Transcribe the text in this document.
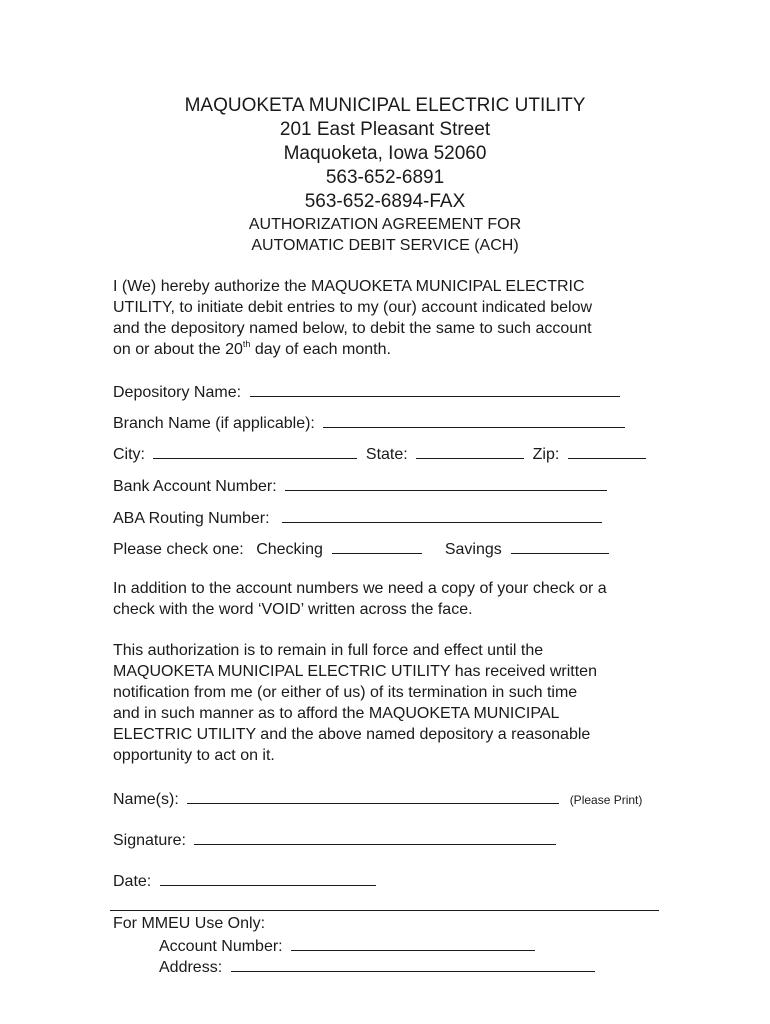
MAQUOKETA MUNICIPAL ELECTRIC UTILITY
201 East Pleasant Street
Maquoketa, Iowa 52060
563-652-6891
563-652-6894-FAX
AUTHORIZATION AGREEMENT FOR
AUTOMATIC DEBIT SERVICE (ACH)
I (We) hereby authorize the MAQUOKETA MUNICIPAL ELECTRIC
UTILITY, to initiate debit entries to my (our) account indicated below
and the depository named below, to debit the same to such account
on or about the 20th day of each month.
Depository Name:
Branch Name (if applicable):
City:	State:	Zip:
Bank Account Number:
ABA Routing Number:
Please check one: Checking	Savings
In addition to the account numbers we need a copy of your check or a
check with the word ‘VOID’ written across the face.
This authorization is to remain in full force and effect until the
MAQUOKETA MUNICIPAL ELECTRIC UTILITY has received written
notification from me (or either of us) of its termination in such time
and in such manner as to afford the MAQUOKETA MUNICIPAL
ELECTRIC UTILITY and the above named depository a reasonable
opportunity to act on it.
Name(s):	(Please Print)
Signature:
Date:
For MMEU Use Only:
Account Number:
Address:
